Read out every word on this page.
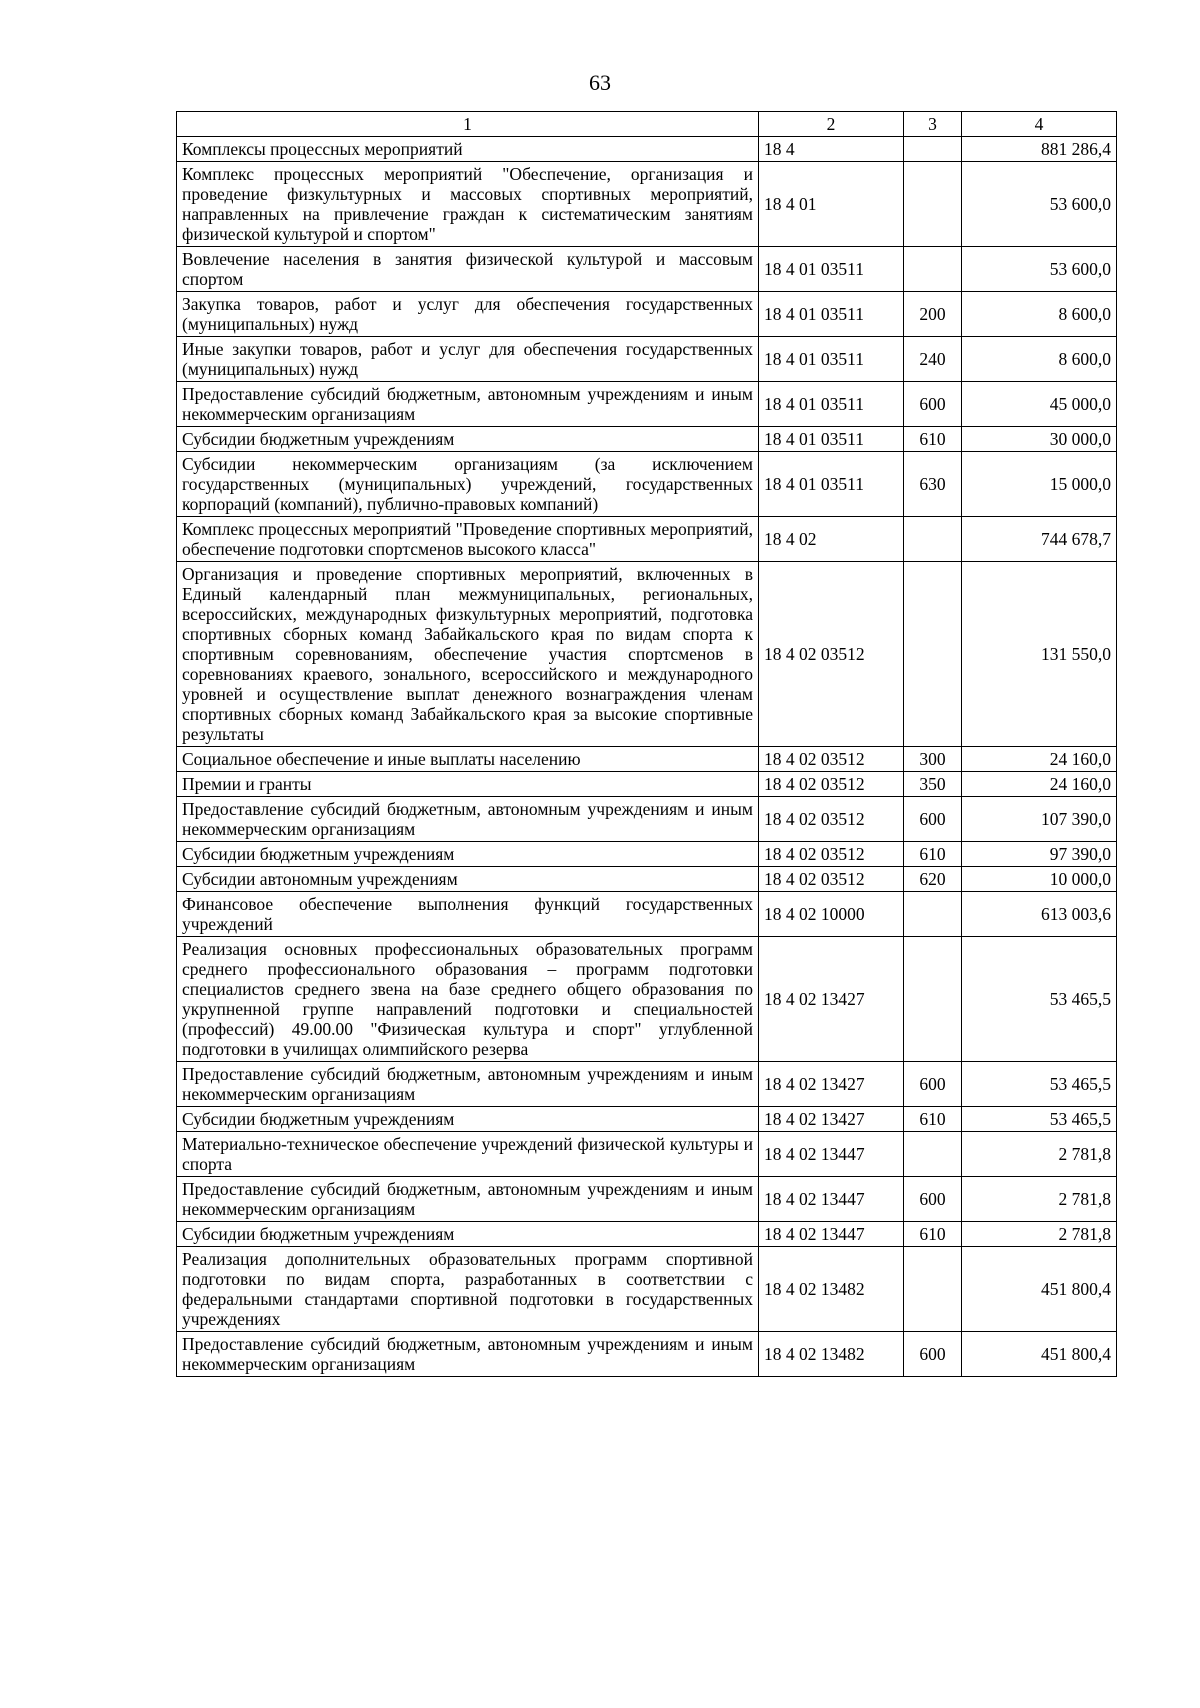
63
1	2	3	4
Комплексы процессных мероприятий	18 4		881 286,4
Комплекс процессных мероприятий "Обеспечение, организация и проведение физкультурных и массовых спортивных мероприятий, направленных на привлечение граждан к систематическим занятиям физической культурой и спортом"	18 4 01		53 600,0
Вовлечение населения в занятия физической культурой и массовым спортом	18 4 01 03511		53 600,0
Закупка товаров, работ и услуг для обеспечения государственных (муниципальных) нужд	18 4 01 03511	200	8 600,0
Иные закупки товаров, работ и услуг для обеспечения государственных (муниципальных) нужд	18 4 01 03511	240	8 600,0
Предоставление субсидий бюджетным, автономным учреждениям и иным некоммерческим организациям	18 4 01 03511	600	45 000,0
Субсидии бюджетным учреждениям	18 4 01 03511	610	30 000,0
Субсидии некоммерческим организациям (за исключением государственных (муниципальных) учреждений, государственных корпораций (компаний), публично-правовых компаний)	18 4 01 03511	630	15 000,0
Комплекс процессных мероприятий "Проведение спортивных мероприятий, обеспечение подготовки спортсменов высокого класса"	18 4 02		744 678,7
Организация и проведение спортивных мероприятий, включенных в Единый календарный план межмуниципальных, региональных, всероссийских, международных физкультурных мероприятий, подготовка спортивных сборных команд Забайкальского края по видам спорта к спортивным соревнованиям, обеспечение участия спортсменов в соревнованиях краевого, зонального, всероссийского и международного уровней и осуществление выплат денежного вознаграждения членам спортивных сборных команд Забайкальского края за высокие спортивные результаты	18 4 02 03512		131 550,0
Социальное обеспечение и иные выплаты населению	18 4 02 03512	300	24 160,0
Премии и гранты	18 4 02 03512	350	24 160,0
Предоставление субсидий бюджетным, автономным учреждениям и иным некоммерческим организациям	18 4 02 03512	600	107 390,0
Субсидии бюджетным учреждениям	18 4 02 03512	610	97 390,0
Субсидии автономным учреждениям	18 4 02 03512	620	10 000,0
Финансовое обеспечение выполнения функций государственных учреждений	18 4 02 10000		613 003,6
Реализация основных профессиональных образовательных программ среднего профессионального образования – программ подготовки специалистов среднего звена на базе среднего общего образования по укрупненной группе направлений подготовки и специальностей (профессий) 49.00.00 "Физическая культура и спорт" углубленной подготовки в училищах олимпийского резерва	18 4 02 13427		53 465,5
Предоставление субсидий бюджетным, автономным учреждениям и иным некоммерческим организациям	18 4 02 13427	600	53 465,5
Субсидии бюджетным учреждениям	18 4 02 13427	610	53 465,5
Материально-техническое обеспечение учреждений физической культуры и спорта	18 4 02 13447		2 781,8
Предоставление субсидий бюджетным, автономным учреждениям и иным некоммерческим организациям	18 4 02 13447	600	2 781,8
Субсидии бюджетным учреждениям	18 4 02 13447	610	2 781,8
Реализация дополнительных образовательных программ спортивной подготовки по видам спорта, разработанных в соответствии с федеральными стандартами спортивной подготовки в государственных учреждениях	18 4 02 13482		451 800,4
Предоставление субсидий бюджетным, автономным учреждениям и иным некоммерческим организациям	18 4 02 13482	600	451 800,4
